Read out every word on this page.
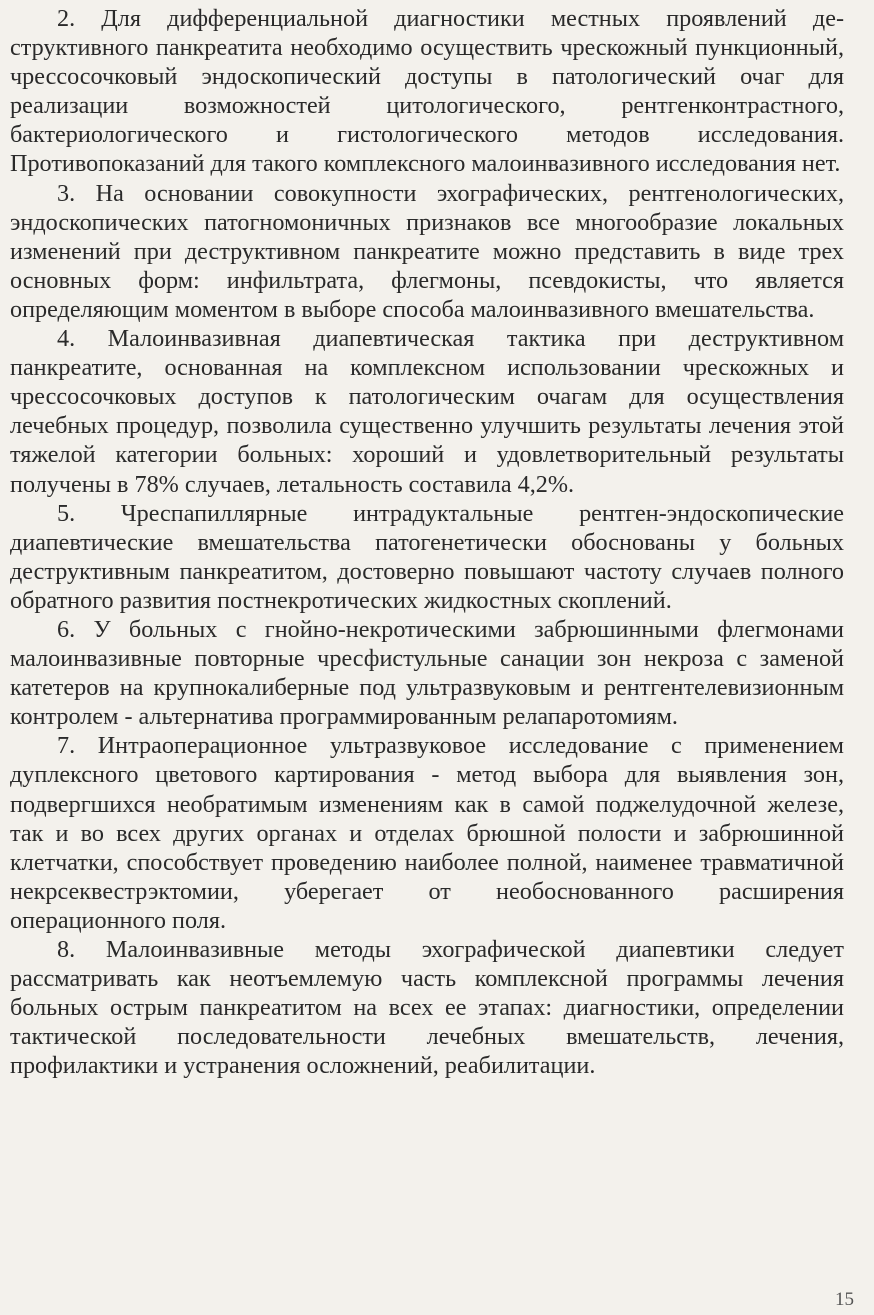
2. Для дифференциальной диагностики местных проявлений деструктивного панкреатита необходимо осуществить чрескожный пункционный, чрессосочковый эндоскопический доступы в патологический очаг для реализации возможностей цитологического, рентгенконтрастного, бактериологического и гистологического методов исследования. Противопоказаний для такого комплексного малоинвазивного исследования нет.

3. На основании совокупности эхографических, рентгенологических, эндоскопических патогномоничных признаков все многообразие локальных изменений при деструктивном панкреатите можно представить в виде трех основных форм: инфильтрата, флегмоны, псевдокисты, что является определяющим моментом в выборе способа малоинвазивного вмешательства.

4. Малоинвазивная диапевтическая тактика при деструктивном панкреатите, основанная на комплексном использовании чрескожных и чрессосочковых доступов к патологическим очагам для осуществления лечебных процедур, позволила существенно улучшить результаты лечения этой тяжелой категории больных: хороший и удовлетворительный результаты получены в 78% случаев, летальность составила 4,2%.

5. Чреспапиллярные интрадуктальные рентген-эндоскопические диапевтические вмешательства патогенетически обоснованы у больных деструктивным панкреатитом, достоверно повышают частоту случаев полного обратного развития постнекротических жидкостных скоплений.

6. У больных с гнойно-некротическими забрюшинными флегмонами малоинвазивные повторные чресфистульные санации зон некроза с заменой катетеров на крупнокалиберные под ультразвуковым и рентгентелевизионным контролем - альтернатива программированным релапаротомиям.

7. Интраоперационное ультразвуковое исследование с применением дуплексного цветового картирования - метод выбора для выявления зон, подвергшихся необратимым изменениям как в самой поджелудочной железе, так и во всех других органах и отделах брюшной полости и забрюшинной клетчатки, способствует проведению наиболее полной, наименее травматичной некрсеквестрэктомии, уберегает от необоснованного расширения операционного поля.

8. Малоинвазивные методы эхографической диапевтики следует рассматривать как неотъемлемую часть комплексной программы лечения больных острым панкреатитом на всех ее этапах: диагностики, определении тактической последовательности лечебных вмешательств, лечения, профилактики и устранения осложнений, реабилитации.

15
